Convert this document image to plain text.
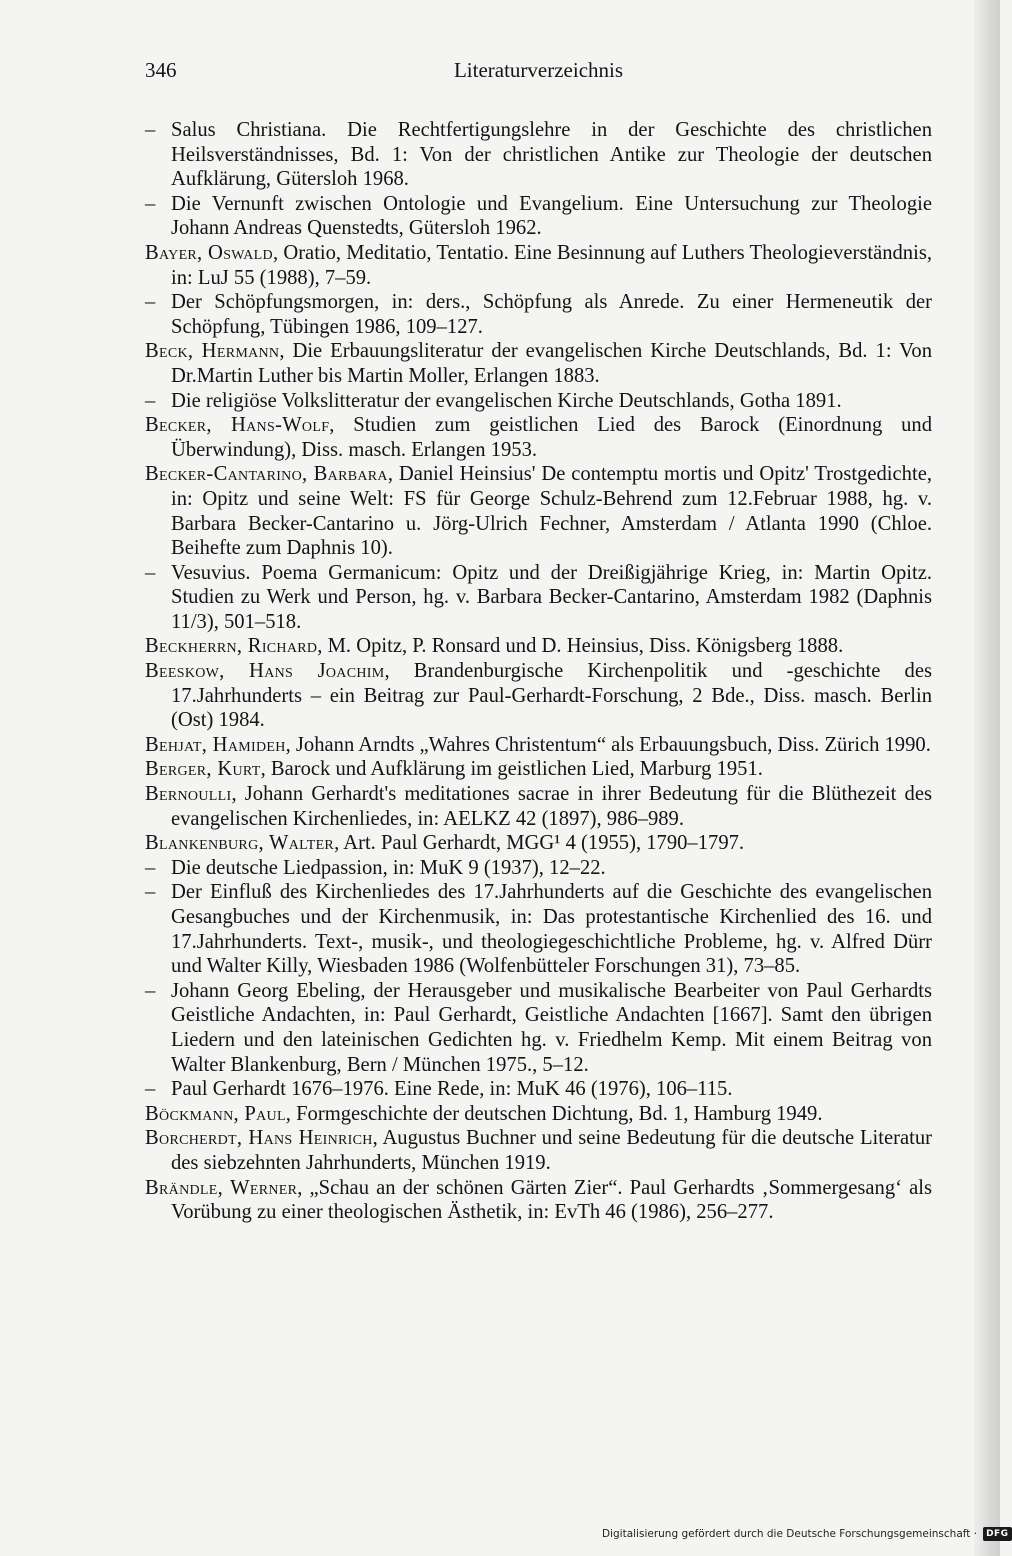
346	Literaturverzeichnis
– Salus Christiana. Die Rechtfertigungslehre in der Geschichte des christlichen Heilsverständnisses, Bd. 1: Von der christlichen Antike zur Theologie der deutschen Aufklärung, Gütersloh 1968.
– Die Vernunft zwischen Ontologie und Evangelium. Eine Untersuchung zur Theologie Johann Andreas Quenstedts, Gütersloh 1962.
Bayer, Oswald, Oratio, Meditatio, Tentatio. Eine Besinnung auf Luthers Theologieverständnis, in: LuJ 55 (1988), 7–59.
– Der Schöpfungsmorgen, in: ders., Schöpfung als Anrede. Zu einer Hermeneutik der Schöpfung, Tübingen 1986, 109–127.
Beck, Hermann, Die Erbauungsliteratur der evangelischen Kirche Deutschlands, Bd. 1: Von Dr.Martin Luther bis Martin Moller, Erlangen 1883.
– Die religiöse Volkslitteratur der evangelischen Kirche Deutschlands, Gotha 1891.
Becker, Hans-Wolf, Studien zum geistlichen Lied des Barock (Einordnung und Überwindung), Diss. masch. Erlangen 1953.
Becker-Cantarino, Barbara, Daniel Heinsius' De contemptu mortis und Opitz' Trostgedichte, in: Opitz und seine Welt: FS für George Schulz-Behrend zum 12.Februar 1988, hg. v. Barbara Becker-Cantarino u. Jörg-Ulrich Fechner, Amsterdam / Atlanta 1990 (Chloe. Beihefte zum Daphnis 10).
– Vesuvius. Poema Germanicum: Opitz und der Dreißigjährige Krieg, in: Martin Opitz. Studien zu Werk und Person, hg. v. Barbara Becker-Cantarino, Amsterdam 1982 (Daphnis 11/3), 501–518.
Beckherrn, Richard, M. Opitz, P. Ronsard und D. Heinsius, Diss. Königsberg 1888.
Beeskow, Hans Joachim, Brandenburgische Kirchenpolitik und -geschichte des 17.Jahrhunderts – ein Beitrag zur Paul-Gerhardt-Forschung, 2 Bde., Diss. masch. Berlin (Ost) 1984.
Behjat, Hamideh, Johann Arndts „Wahres Christentum“ als Erbauungsbuch, Diss. Zürich 1990.
Berger, Kurt, Barock und Aufklärung im geistlichen Lied, Marburg 1951.
Bernoulli, Johann Gerhardt's meditationes sacrae in ihrer Bedeutung für die Blüthezeit des evangelischen Kirchenliedes, in: AELKZ 42 (1897), 986–989.
Blankenburg, Walter, Art. Paul Gerhardt, MGG¹ 4 (1955), 1790–1797.
– Die deutsche Liedpassion, in: MuK 9 (1937), 12–22.
– Der Einfluß des Kirchenliedes des 17.Jahrhunderts auf die Geschichte des evangelischen Gesangbuches und der Kirchenmusik, in: Das protestantische Kirchenlied des 16. und 17.Jahrhunderts. Text-, musik-, und theologiegeschichtliche Probleme, hg. v. Alfred Dürr und Walter Killy, Wiesbaden 1986 (Wolfenbütteler Forschungen 31), 73–85.
– Johann Georg Ebeling, der Herausgeber und musikalische Bearbeiter von Paul Gerhardts Geistliche Andachten, in: Paul Gerhardt, Geistliche Andachten [1667]. Samt den übrigen Liedern und den lateinischen Gedichten hg. v. Friedhelm Kemp. Mit einem Beitrag von Walter Blankenburg, Bern / München 1975., 5–12.
– Paul Gerhardt 1676–1976. Eine Rede, in: MuK 46 (1976), 106–115.
Böckmann, Paul, Formgeschichte der deutschen Dichtung, Bd. 1, Hamburg 1949.
Borcherdt, Hans Heinrich, Augustus Buchner und seine Bedeutung für die deutsche Literatur des siebzehnten Jahrhunderts, München 1919.
Brändle, Werner, „Schau an der schönen Gärten Zier“. Paul Gerhardts ‚Sommergesang‘ als Vorübung zu einer theologischen Ästhetik, in: EvTh 46 (1986), 256–277.
Digitalisierung gefördert durch die Deutsche Forschungsgemeinschaft ·	DFG
